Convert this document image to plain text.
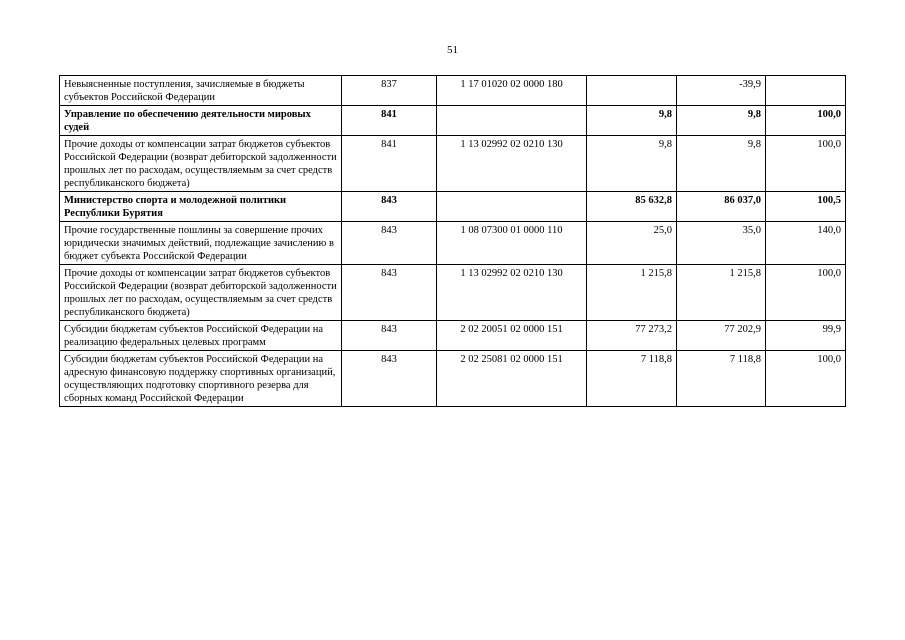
51
Невыясненные поступления, зачисляемые в бюджеты субъектов Российской Федерации	837	1 17 01020 02 0000 180		-39,9	
Управление по обеспечению деятельности мировых судей	841		9,8	9,8	100,0
Прочие доходы от компенсации затрат бюджетов субъектов Российской Федерации (возврат дебиторской задолженности прошлых лет по расходам, осуществляемым за счет средств республиканского бюджета)	841	1 13 02992 02 0210 130	9,8	9,8	100,0
Министерство спорта и молодежной политики Республики Бурятия	843		85 632,8	86 037,0	100,5
Прочие государственные пошлины за совершение прочих юридически значимых действий, подлежащие зачислению в бюджет субъекта Российской Федерации	843	1 08 07300 01 0000 110	25,0	35,0	140,0
Прочие доходы от компенсации затрат бюджетов субъектов Российской Федерации (возврат дебиторской задолженности прошлых лет по расходам, осуществляемым за счет средств республиканского бюджета)	843	1 13 02992 02 0210 130	1 215,8	1 215,8	100,0
Субсидии бюджетам субъектов Российской Федерации на реализацию федеральных целевых программ	843	2 02 20051 02 0000 151	77 273,2	77 202,9	99,9
Субсидии бюджетам субъектов Российской Федерации на адресную финансовую поддержку спортивных организаций, осуществляющих подготовку спортивного резерва для сборных команд Российской Федерации	843	2 02 25081 02 0000 151	7 118,8	7 118,8	100,0
